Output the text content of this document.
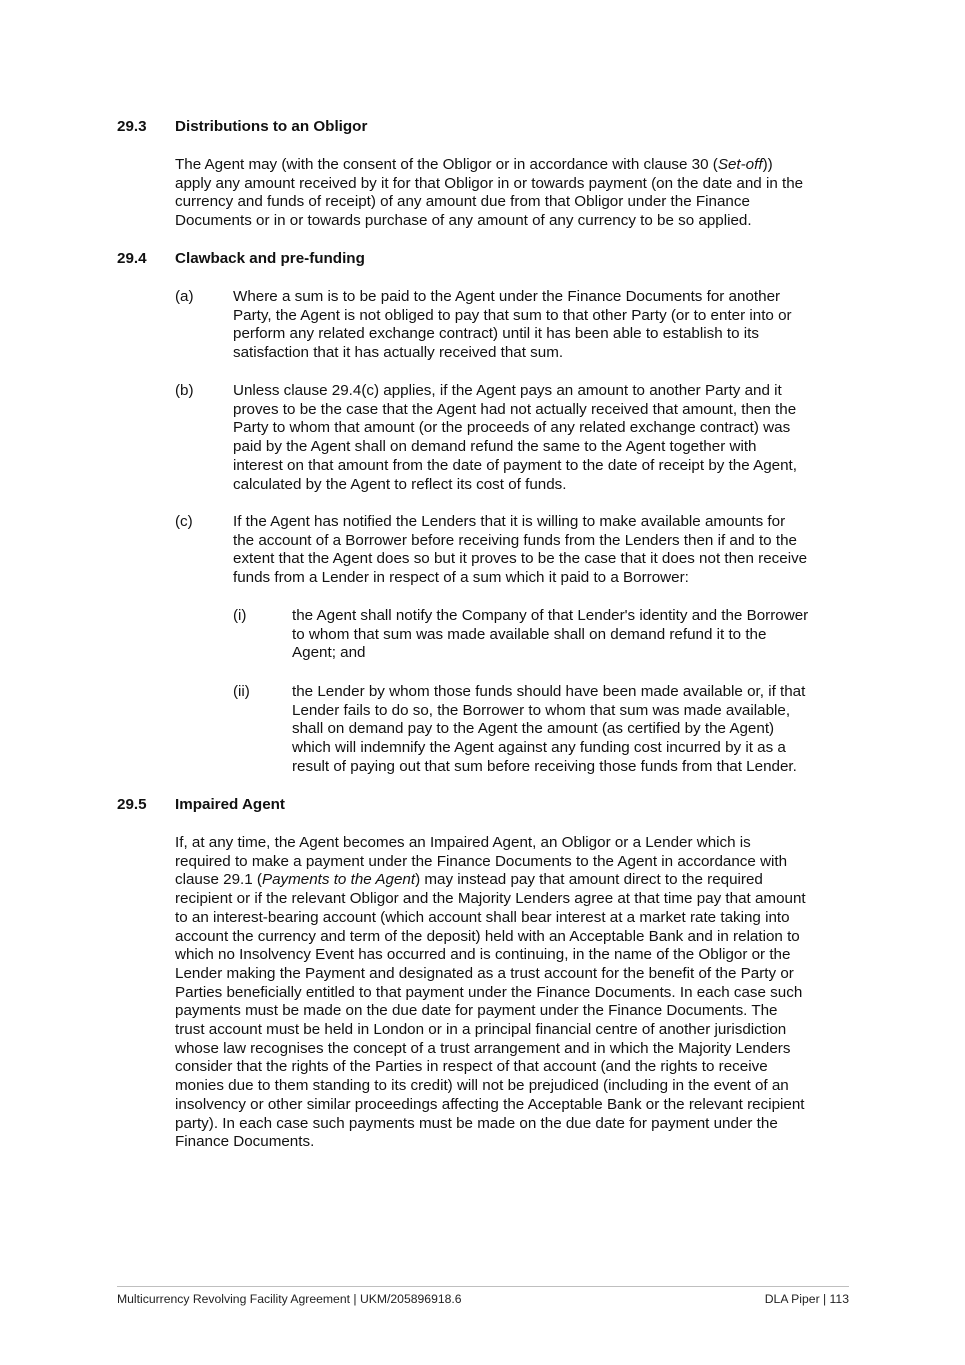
29.3 Distributions to an Obligor
The Agent may (with the consent of the Obligor or in accordance with clause 30 (Set-off))
apply any amount received by it for that Obligor in or towards payment (on the date and in the
currency and funds of receipt) of any amount due from that Obligor under the Finance
Documents or in or towards purchase of any amount of any currency to be so applied.
29.4 Clawback and pre-funding
(a)	Where a sum is to be paid to the Agent under the Finance Documents for another
Party, the Agent is not obliged to pay that sum to that other Party (or to enter into or
perform any related exchange contract) until it has been able to establish to its
satisfaction that it has actually received that sum.
(b)	Unless clause 29.4(c) applies, if the Agent pays an amount to another Party and it
proves to be the case that the Agent had not actually received that amount, then the
Party to whom that amount (or the proceeds of any related exchange contract) was
paid by the Agent shall on demand refund the same to the Agent together with
interest on that amount from the date of payment to the date of receipt by the Agent,
calculated by the Agent to reflect its cost of funds.
(c)	If the Agent has notified the Lenders that it is willing to make available amounts for
the account of a Borrower before receiving funds from the Lenders then if and to the
extent that the Agent does so but it proves to be the case that it does not then receive
funds from a Lender in respect of a sum which it paid to a Borrower:
(i)	the Agent shall notify the Company of that Lender's identity and the Borrower
to whom that sum was made available shall on demand refund it to the
Agent; and
(ii)	the Lender by whom those funds should have been made available or, if that
Lender fails to do so, the Borrower to whom that sum was made available,
shall on demand pay to the Agent the amount (as certified by the Agent)
which will indemnify the Agent against any funding cost incurred by it as a
result of paying out that sum before receiving those funds from that Lender.
29.5 Impaired Agent
If, at any time, the Agent becomes an Impaired Agent, an Obligor or a Lender which is
required to make a payment under the Finance Documents to the Agent in accordance with
clause 29.1 (Payments to the Agent) may instead pay that amount direct to the required
recipient or if the relevant Obligor and the Majority Lenders agree at that time pay that amount
to an interest-bearing account (which account shall bear interest at a market rate taking into
account the currency and term of the deposit) held with an Acceptable Bank and in relation to
which no Insolvency Event has occurred and is continuing, in the name of the Obligor or the
Lender making the Payment and designated as a trust account for the benefit of the Party or
Parties beneficially entitled to that payment under the Finance Documents. In each case such
payments must be made on the due date for payment under the Finance Documents. The
trust account must be held in London or in a principal financial centre of another jurisdiction
whose law recognises the concept of a trust arrangement and in which the Majority Lenders
consider that the rights of the Parties in respect of that account (and the rights to receive
monies due to them standing to its credit) will not be prejudiced (including in the event of an
insolvency or other similar proceedings affecting the Acceptable Bank or the relevant recipient
party). In each case such payments must be made on the due date for payment under the
Finance Documents.
Multicurrency Revolving Facility Agreement | UKM/205896918.6	DLA Piper | 113
